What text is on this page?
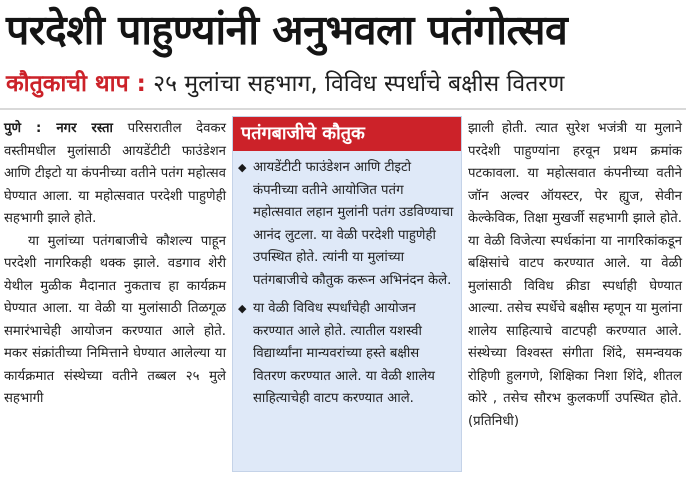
परदेशी पाहुण्यांनी अनुभवला पतंगोत्सव
कौतुकाची थाप : २५ मुलांचा सहभाग, विविध स्पर्धांचे बक्षीस वितरण

पुणे : नगर रस्ता परिसरातील देवकर वस्तीमधील मुलांसाठी आयडेंटीटी फाउंडेशन आणि टीइटो या कंपनीच्या वतीने पतंग महोत्सव घेण्यात आला. या महोत्सवात परदेशी पाहुणेही सहभागी झाले होते.

या मुलांच्या पतंगबाजीचे कौशल्य पाहून परदेशी नागरिकही थक्क झाले. वडगाव शेरी येथील मुळीक मैदानात नुकताच हा कार्यक्रम घेण्यात आला. या वेळी या मुलांसाठी तिळगूळ समारंभाचेही आयोजन करण्यात आले होते. मकर संक्रांतीच्या निमित्ताने घेण्यात आलेल्या या कार्यक्रमात संस्थेच्या वतीने तब्बल २५ मुले सहभागी

पतंगबाजीचे कौतुक
◆ आयडेंटीटी फाउंडेशन आणि टीइटो कंपनीच्या वतीने आयोजित पतंग महोत्सवात लहान मुलांनी पतंग उडविण्याचा आनंद लुटला. या वेळी परदेशी पाहुणेही उपस्थित होते. त्यांनी या मुलांच्या पतंगबाजीचे कौतुक करून अभिनंदन केले.
◆ या वेळी विविध स्पर्धांचेही आयोजन करण्यात आले होते. त्यातील यशस्वी विद्यार्थ्यांना मान्यवरांच्या हस्ते बक्षीस वितरण करण्यात आले. या वेळी शालेय साहित्याचेही वाटप करण्यात आले.

झाली होती. त्यात सुरेश भजंत्री या मुलाने परदेशी पाहुण्यांना हरवून प्रथम क्रमांक पटकावला. या महोत्सवात कंपनीच्या वतीने जॉन अल्वर ऑयस्टर, पेर ह्युज, सेवीन केल्केविक, तिक्षा मुखर्जी सहभागी झाले होते. या वेळी विजेत्या स्पर्धकांना या नागरिकांकडून बक्षिसांचे वाटप करण्यात आले. या वेळी मुलांसाठी विविध क्रीडा स्पर्धाही घेण्यात आल्या. तसेच स्पर्धेचे बक्षीस म्हणून या मुलांना शालेय साहित्याचे वाटपही करण्यात आले. संस्थेच्या विश्वस्त संगीता शिंदे, समन्वयक रोहिणी हुलगणे, शिक्षिका निशा शिंदे, शीतल कोरे , तसेच सौरभ कुलकर्णी उपस्थित होते. (प्रतिनिधी)
